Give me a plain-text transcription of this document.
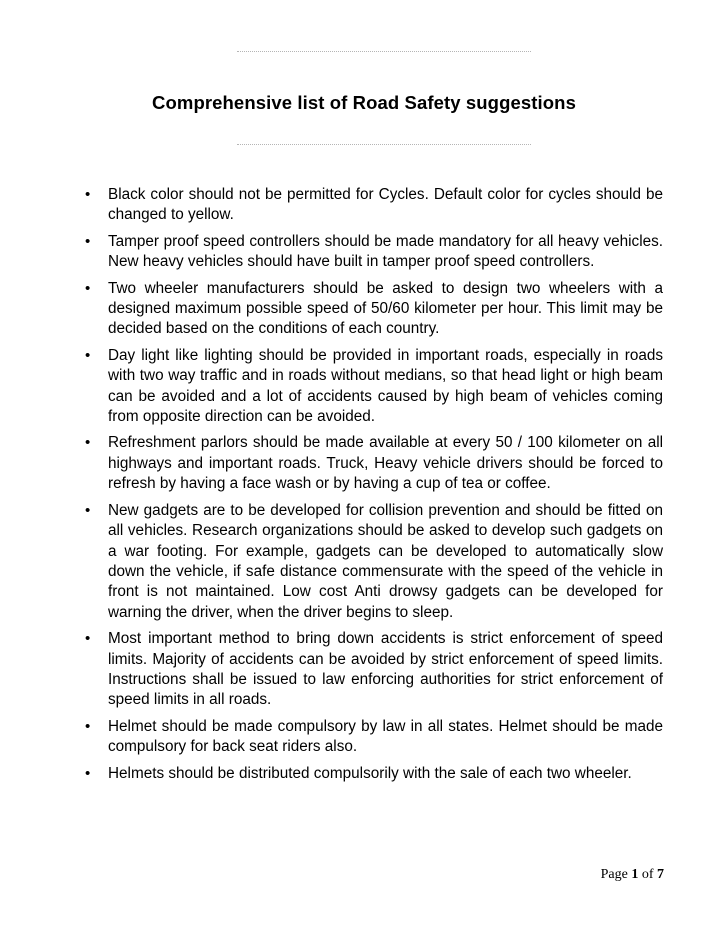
Comprehensive list of Road Safety suggestions
•	Black color should not be permitted for Cycles. Default color for cycles should be changed to yellow.
•	Tamper proof speed controllers should be made mandatory for all heavy vehicles. New heavy vehicles should have built in tamper proof speed controllers.
•	Two wheeler manufacturers should be asked to design two wheelers with a designed maximum possible speed of 50/60 kilometer per hour. This limit may be decided based on the conditions of each country.
•	Day light like lighting should be provided in important roads, especially in roads with two way traffic and in roads without medians, so that head light or high beam can be avoided and a lot of accidents caused by high beam of vehicles coming from opposite direction can be avoided.
•	Refreshment parlors should be made available at every 50 / 100 kilometer on all highways and important roads. Truck, Heavy vehicle drivers should be forced to refresh by having a face wash or by having a cup of tea or coffee.
•	New gadgets are to be developed for collision prevention and should be fitted on all vehicles. Research organizations should be asked to develop such gadgets on a war footing. For example, gadgets can be developed to automatically slow down the vehicle, if safe distance commensurate with the speed of the vehicle in front is not maintained. Low cost Anti drowsy gadgets can be developed for warning the driver, when the driver begins to sleep.
•	Most important method to bring down accidents is strict enforcement of speed limits. Majority of accidents can be avoided by strict enforcement of speed limits. Instructions shall be issued to law enforcing authorities for strict enforcement of speed limits in all roads.
•	Helmet should be made compulsory by law in all states. Helmet should be made compulsory for back seat riders also.
•	Helmets should be distributed compulsorily with the sale of each two wheeler.
Page 1 of 7
